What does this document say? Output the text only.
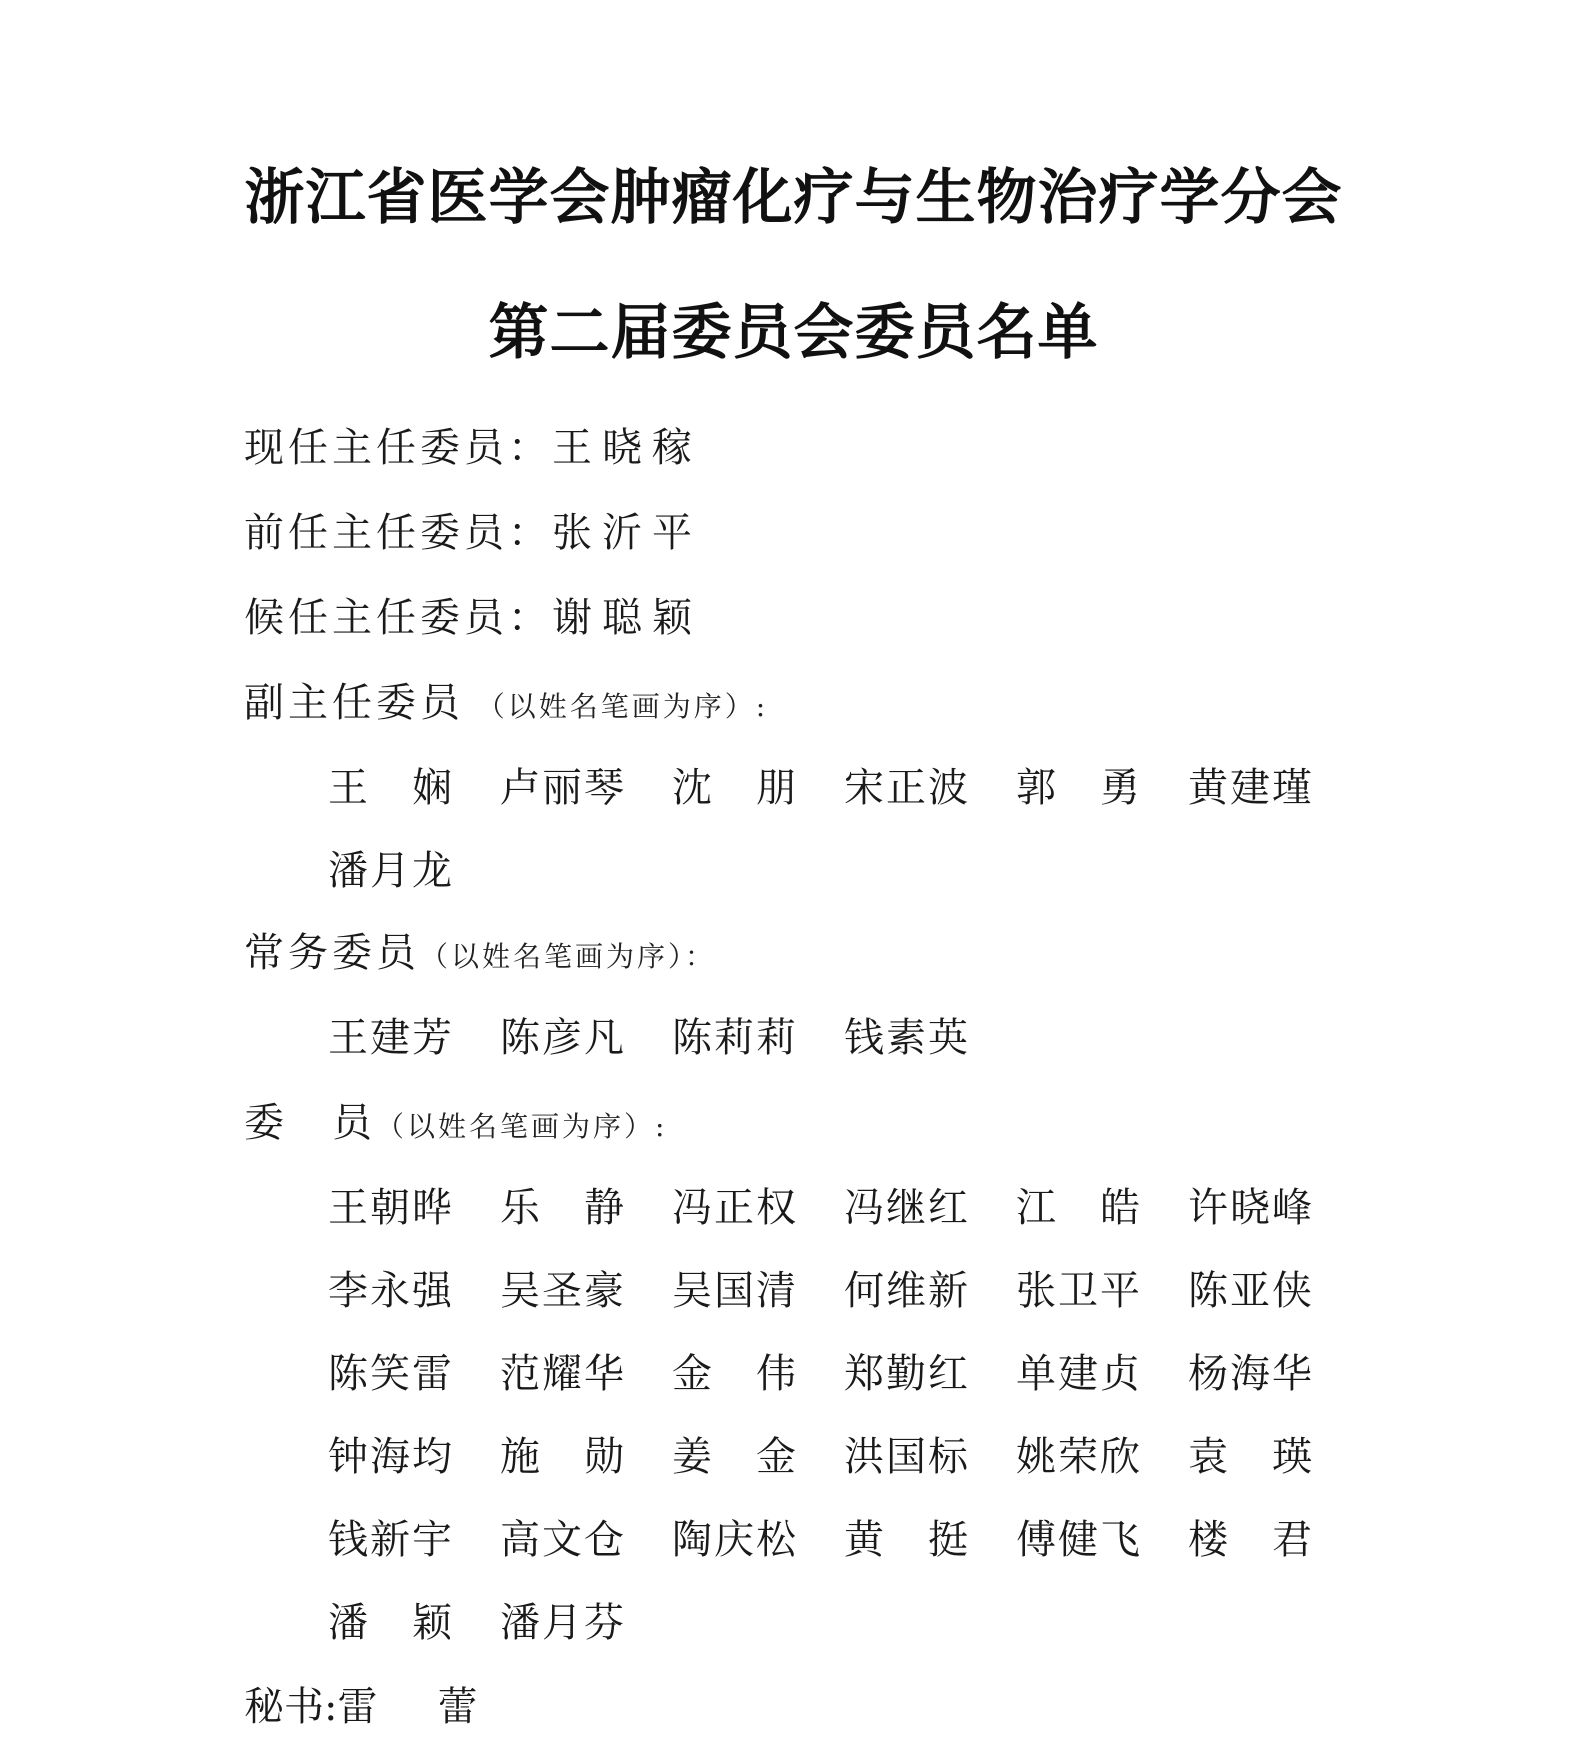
浙江省医学会肿瘤化疗与生物治疗学分会
第二届委员会委员名单
现任主任委员：王晓稼
前任主任委员：张沂平
候任主任委员：谢聪颖
副主任委员 （以姓名笔画为序）:
王 娴 卢 丽 琴 沈 朋 宋 正 波 郭 勇 黄 建 瑾
潘 月 龙
常务委员（以姓名笔画为序）：
王 建 芳 陈 彦 凡 陈 莉 莉 钱 素 英
委　员（以姓名笔画为序）:
王 朝 晔 乐 静 冯 正 权 冯 继 红 江 皓 许 晓 峰
李 永 强 吴 圣 豪 吴 国 清 何 维 新 张 卫 平 陈 亚 侠
陈 笑 雷 范 耀 华 金 伟 郑 勤 红 单 建 贞 杨 海 华
钟 海 均 施 勋 姜 金 洪 国 标 姚 荣 欣 袁 瑛
钱 新 宇 高 文 仓 陶 庆 松 黄 挺 傅 健 飞 楼 君
潘 颖 潘 月 芬
秘书:雷　蕾
